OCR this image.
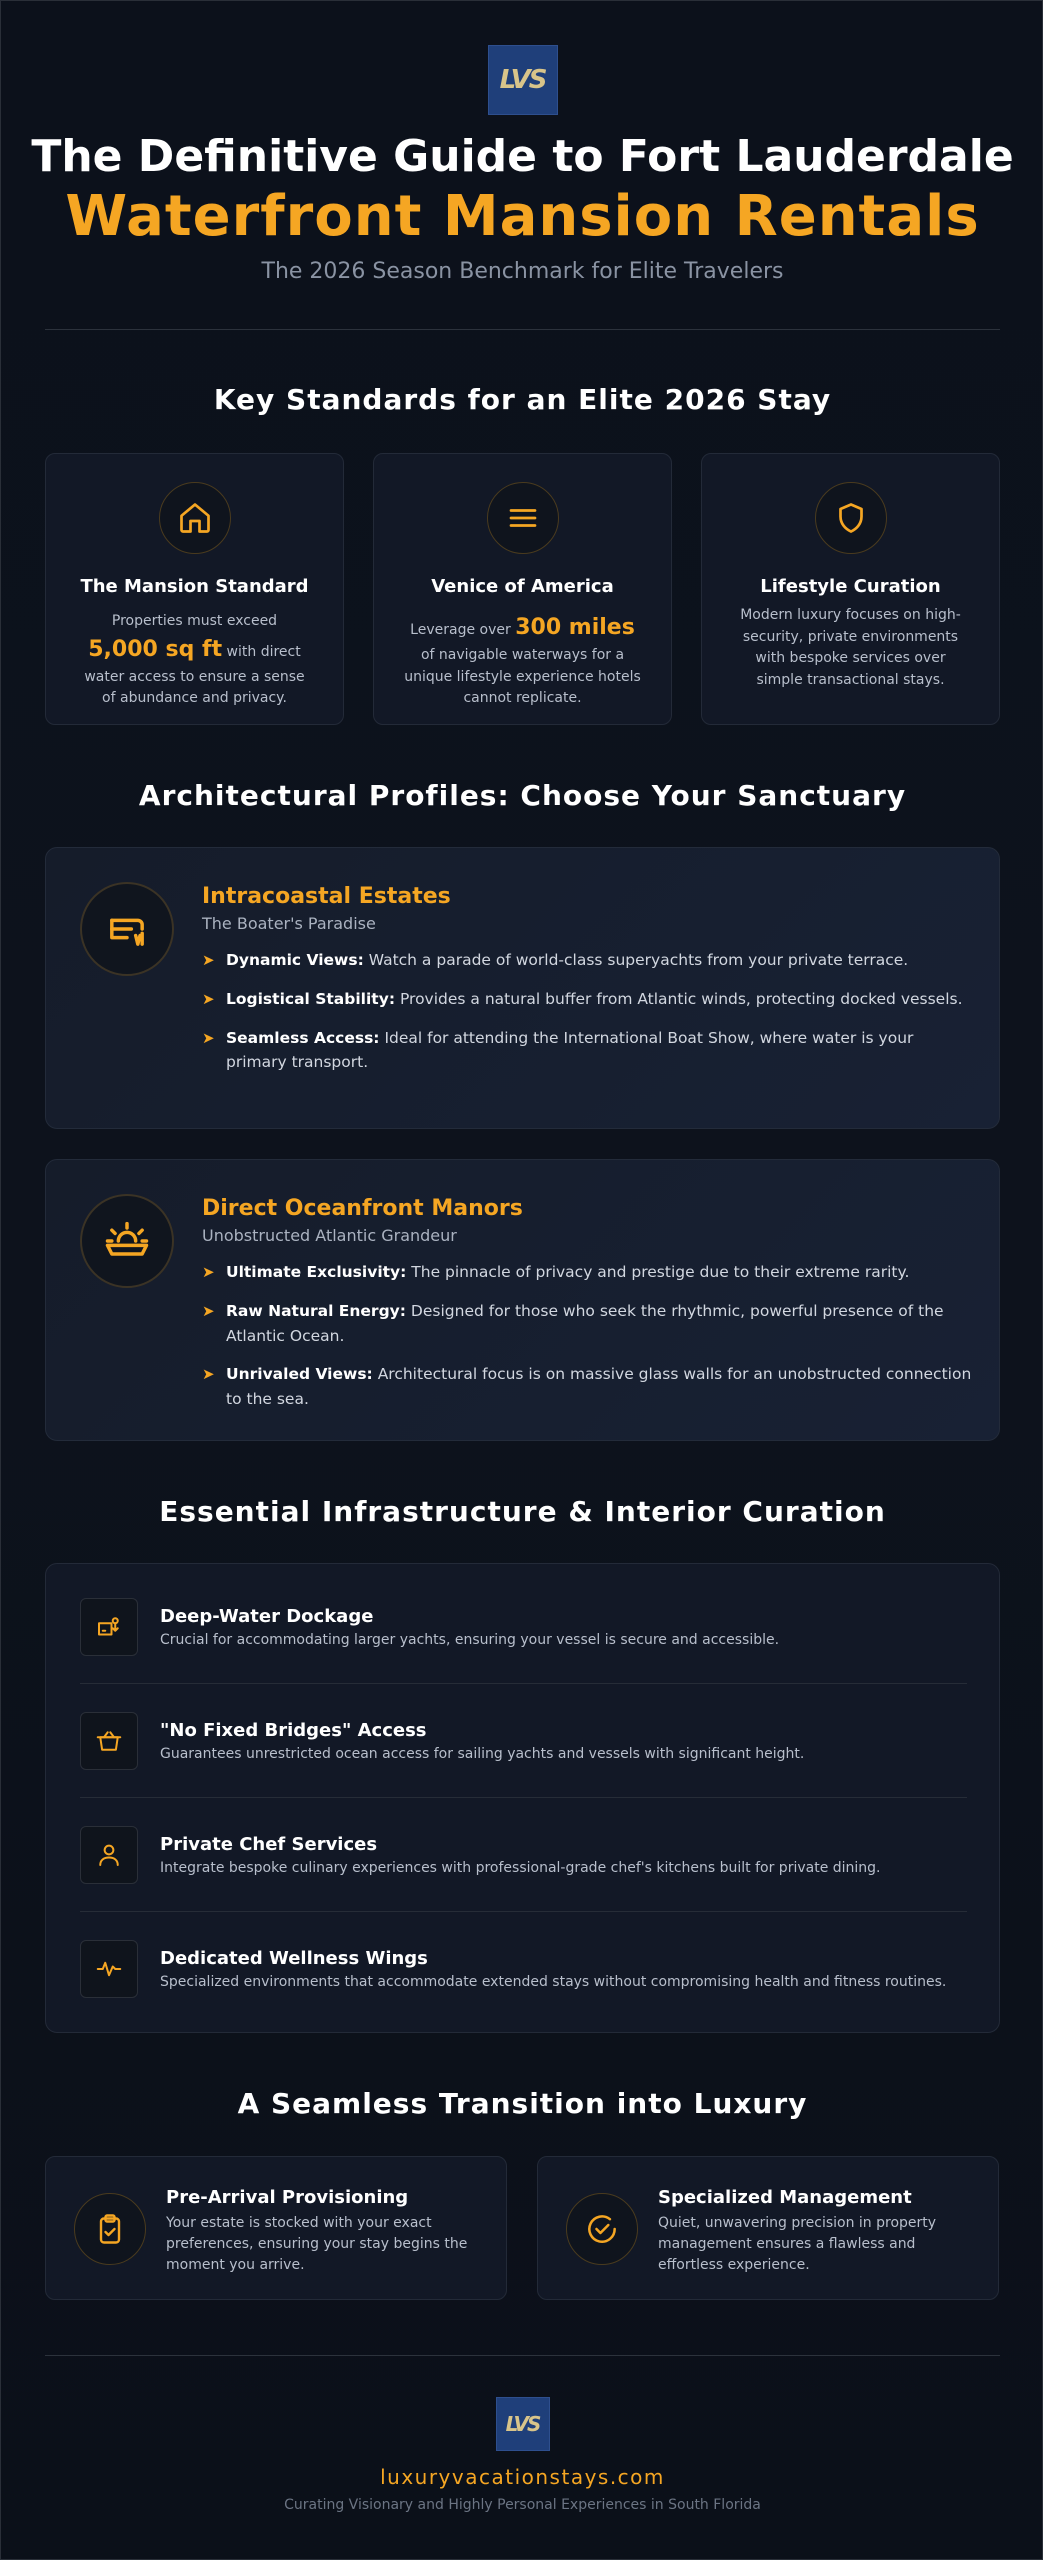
LVS
The Definitive Guide to Fort Lauderdale
Waterfront Mansion Rentals
The 2026 Season Benchmark for Elite Travelers
Key Standards for an Elite 2026 Stay
The Mansion Standard
Properties must exceed 5,000 sq ft with direct water access to ensure a sense of abundance and privacy.
Venice of America
Leverage over 300 miles of navigable waterways for a unique lifestyle experience hotels cannot replicate.
Lifestyle Curation
Modern luxury focuses on high-security, private environments with bespoke services over simple transactional stays.
Architectural Profiles: Choose Your Sanctuary
Intracoastal Estates
The Boater's Paradise
➤ Dynamic Views: Watch a parade of world-class superyachts from your private terrace.
➤ Logistical Stability: Provides a natural buffer from Atlantic winds, protecting docked vessels.
➤ Seamless Access: Ideal for attending the International Boat Show, where water is your primary transport.
Direct Oceanfront Manors
Unobstructed Atlantic Grandeur
➤ Ultimate Exclusivity: The pinnacle of privacy and prestige due to their extreme rarity.
➤ Raw Natural Energy: Designed for those who seek the rhythmic, powerful presence of the Atlantic Ocean.
➤ Unrivaled Views: Architectural focus is on massive glass walls for an unobstructed connection to the sea.
Essential Infrastructure & Interior Curation
Deep-Water Dockage
Crucial for accommodating larger yachts, ensuring your vessel is secure and accessible.
"No Fixed Bridges" Access
Guarantees unrestricted ocean access for sailing yachts and vessels with significant height.
Private Chef Services
Integrate bespoke culinary experiences with professional-grade chef's kitchens built for private dining.
Dedicated Wellness Wings
Specialized environments that accommodate extended stays without compromising health and fitness routines.
A Seamless Transition into Luxury
Pre-Arrival Provisioning
Your estate is stocked with your exact preferences, ensuring your stay begins the moment you arrive.
Specialized Management
Quiet, unwavering precision in property management ensures a flawless and effortless experience.
LVS
luxuryvacationstays.com
Curating Visionary and Highly Personal Experiences in South Florida
